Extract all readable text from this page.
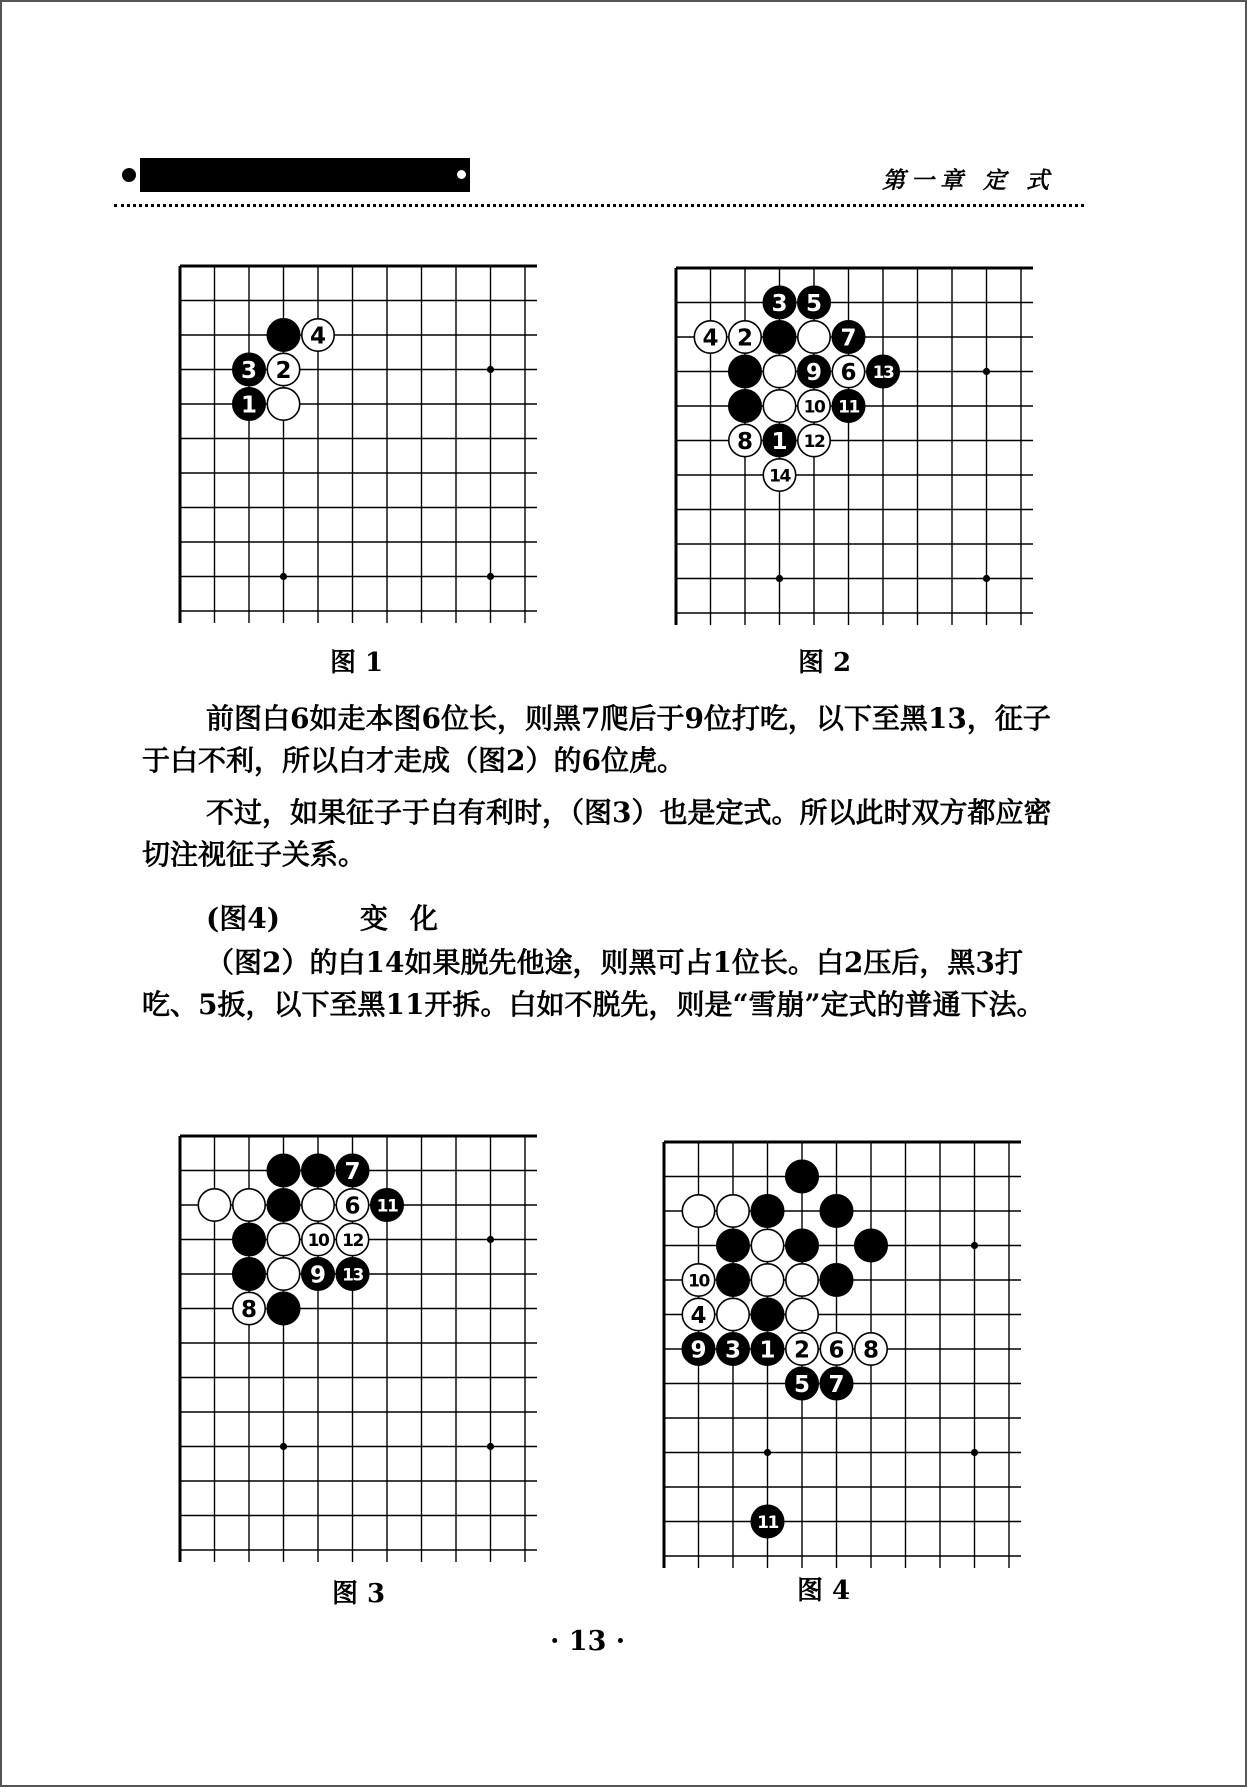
第一章 定 式
4
3 2
1
图 1
3 5
4 2	7
9 6 13
10 11
8 1 12
14
图 2

前图白6如走本图6位长，则黑7爬后于9位打吃，以下至黑13，征子于白不利，所以白才走成（图2）的6位虎。

不过，如果征子于白有利时，（图3）也是定式。所以此时双方都应密切注视征子关系。

(图4)	变化

（图2）的白14如果脱先他途，则黑可占1位长。白2压后，黑3打吃、5扳，以下至黑11开拆。白如不脱先，则是“雪崩”定式的普通下法。

7
6 11
10 12
9 13
8
图 3
10
4
9 3 1 2 6 8
5 7
11
图 4
· 13 ·
